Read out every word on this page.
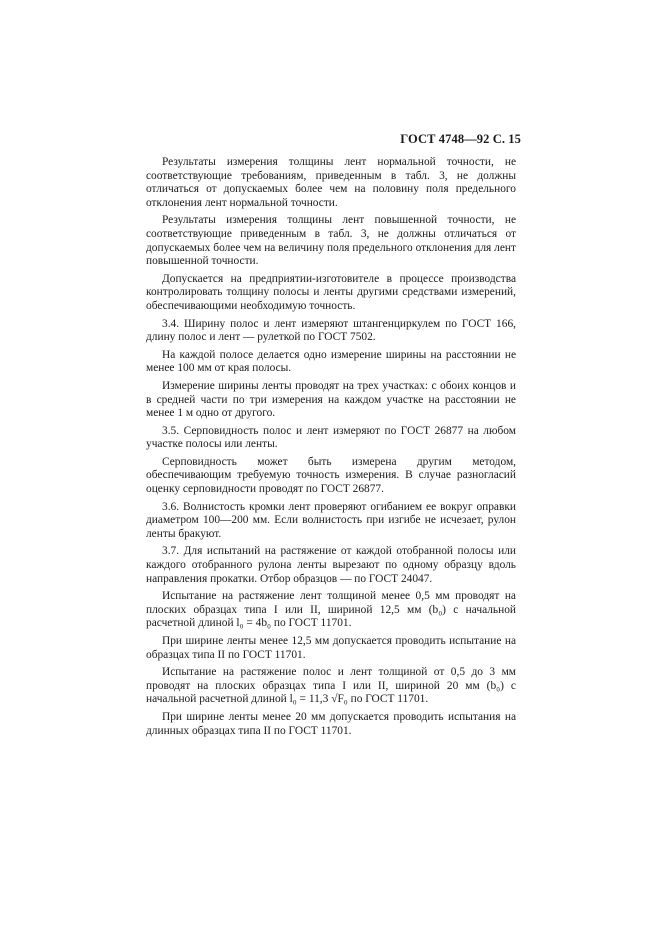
ГОСТ 4748—92 С. 15

Результаты измерения толщины лент нормальной точности, не соответствующие требованиям, приведенным в табл. 3, не должны отличаться от допускаемых более чем на половину поля предельного отклонения лент нормальной точности.

Результаты измерения толщины лент повышенной точности, не соответствующие приведенным в табл. 3, не должны отличаться от допускаемых более чем на величину поля предельного отклонения для лент повышенной точности.

Допускается на предприятии-изготовителе в процессе производства контролировать толщину полосы и ленты другими средствами измерений, обеспечивающими необходимую точность.

3.4. Ширину полос и лент измеряют штангенциркулем по ГОСТ 166, длину полос и лент — рулеткой по ГОСТ 7502.

На каждой полосе делается одно измерение ширины на расстоянии не менее 100 мм от края полосы.

Измерение ширины ленты проводят на трех участках: с обоих концов и в средней части по три измерения на каждом участке на расстоянии не менее 1 м одно от другого.

3.5. Серповидность полос и лент измеряют по ГОСТ 26877 на любом участке полосы или ленты.

Серповидность может быть измерена другим методом, обеспечивающим требуемую точность измерения. В случае разногласий оценку серповидности проводят по ГОСТ 26877.

3.6. Волнистость кромки лент проверяют огибанием ее вокруг оправки диаметром 100—200 мм. Если волнистость при изгибе не исчезает, рулон ленты бракуют.

3.7. Для испытаний на растяжение от каждой отобранной полосы или каждого отобранного рулона ленты вырезают по одному образцу вдоль направления прокатки. Отбор образцов — по ГОСТ 24047.

Испытание на растяжение лент толщиной менее 0,5 мм проводят на плоских образцах типа I или II, шириной 12,5 мм (b₀) с начальной расчетной длиной l₀ = 4b₀ по ГОСТ 11701.

При ширине ленты менее 12,5 мм допускается проводить испытание на образцах типа II по ГОСТ 11701.

Испытание на растяжение полос и лент толщиной от 0,5 до 3 мм проводят на плоских образцах типа I или II, шириной 20 мм (b₀) с начальной расчетной длиной l₀ = 11,3 √F₀ по ГОСТ 11701.

При ширине ленты менее 20 мм допускается проводить испытания на длинных образцах типа II по ГОСТ 11701.
